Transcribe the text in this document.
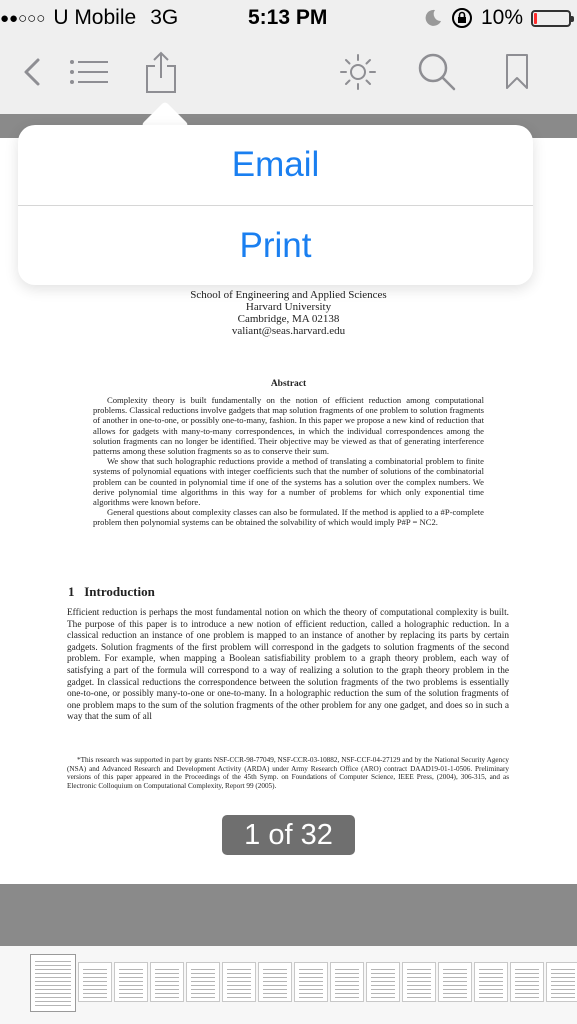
●●○○○ U Mobile 3G	5:13 PM	10%
School of Engineering and Applied Sciences
Harvard University
Cambridge, MA 02138
valiant@seas.harvard.edu
Abstract

Complexity theory is built fundamentally on the notion of efficient reduction among computational problems. Classical reductions involve gadgets that map solution fragments of one problem to solution fragments of another in one-to-one, or possibly one-to-many, fashion. In this paper we propose a new kind of reduction that allows for gadgets with many-to-many correspondences, in which the individual correspondences among the solution fragments can no longer be identified. Their objective may be viewed as that of generating interference patterns among these solution fragments so as to conserve their sum.

We show that such holographic reductions provide a method of translating a combinatorial problem to finite systems of polynomial equations with integer coefficients such that the number of solutions of the combinatorial problem can be counted in polynomial time if one of the systems has a solution over the complex numbers. We derive polynomial time algorithms in this way for a number of problems for which only exponential time algorithms were known before.

General questions about complexity classes can also be formulated. If the method is applied to a #P-complete problem then polynomial systems can be obtained the solvability of which would imply P#P = NC2.

1   Introduction

Efficient reduction is perhaps the most fundamental notion on which the theory of computational complexity is built. The purpose of this paper is to introduce a new notion of efficient reduction, called a holographic reduction. In a classical reduction an instance of one problem is mapped to an instance of another by replacing its parts by certain gadgets. Solution fragments of the first problem will correspond in the gadgets to solution fragments of the second problem. For example, when mapping a Boolean satisfiability problem to a graph theory problem, each way of satisfying a part of the formula will correspond to a way of realizing a solution to the graph theory problem in the gadget. In classical reductions the correspondence between the solution fragments of the two problems is essentially one-to-one, or possibly many-to-one or one-to-many. In a holographic reduction the sum of the solution fragments of one problem maps to the sum of the solution fragments of the other problem for any one gadget, and does so in such a way that the sum of all

*This research was supported in part by grants NSF-CCR-98-77049, NSF-CCR-03-10882, NSF-CCF-04-27129 and by the National Security Agency (NSA) and Advanced Research and Development Activity (ARDA) under Army Research Office (ARO) contract DAAD19-01-1-0506. Preliminary versions of this paper appeared in the Proceedings of the 45th Symp. on Foundations of Computer Science, IEEE Press, (2004), 306-315, and as Electronic Colloquium on Computational Complexity, Report 99 (2005).

1 of 32
Email
Print
